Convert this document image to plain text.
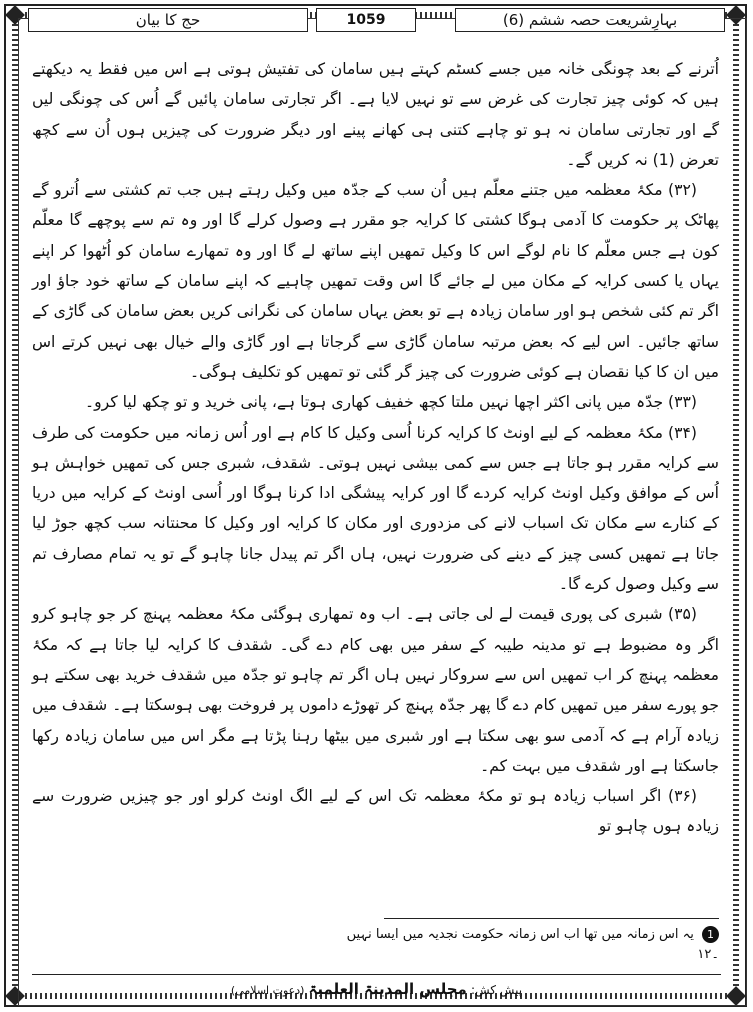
بہارِشریعت حصہ ششم (6)
1059
حج کا بیان

اُترنے کے بعد چونگی خانہ میں جسے کسٹم کہتے ہیں سامان کی تفتیش ہوتی ہے اس میں فقط یہ دیکھتے ہیں کہ کوئی چیز تجارت کی غرض سے تو نہیں لایا ہے۔ اگر تجارتی سامان پائیں گے اُس کی چونگی لیں گے اور تجارتی سامان نہ ہو تو چاہے کتنی ہی کھانے پینے اور دیگر ضرورت کی چیزیں ہوں اُن سے کچھ تعرض (1) نہ کریں گے۔

(۳۲) مکۂ معظمہ میں جتنے معلّم ہیں اُن سب کے جدّہ میں وکیل رہتے ہیں جب تم کشتی سے اُترو گے پھاٹک پر حکومت کا آدمی ہوگا کشتی کا کرایہ جو مقرر ہے وصول کرلے گا اور وہ تم سے پوچھے گا معلّم کون ہے جس معلّم کا نام لوگے اس کا وکیل تمھیں اپنے ساتھ لے گا اور وہ تمھارے سامان کو اُٹھوا کر اپنے یہاں یا کسی کرایہ کے مکان میں لے جائے گا اس وقت تمھیں چاہیے کہ اپنے سامان کے ساتھ خود جاؤ اور اگر تم کئی شخص ہو اور سامان زیادہ ہے تو بعض یہاں سامان کی نگرانی کریں بعض سامان کی گاڑی کے ساتھ جائیں۔ اس لیے کہ بعض مرتبہ سامان گاڑی سے گرجاتا ہے اور گاڑی والے خیال بھی نہیں کرتے اس میں ان کا کیا نقصان ہے کوئی ضرورت کی چیز گر گئی تو تمھیں کو تکلیف ہوگی۔

(۳۳) جدّہ میں پانی اکثر اچھا نہیں ملتا کچھ خفیف کھاری ہوتا ہے، پانی خرید و تو چکھ لیا کرو۔

(۳۴) مکۂ معظمہ کے لیے اونٹ کا کرایہ کرنا اُسی وکیل کا کام ہے اور اُس زمانہ میں حکومت کی طرف سے کرایہ مقرر ہو جاتا ہے جس سے کمی بیشی نہیں ہوتی۔ شقدف، شبری جس کی تمھیں خواہش ہو اُس کے موافق وکیل اونٹ کرایہ کردے گا اور کرایہ پیشگی ادا کرنا ہوگا اور اُسی اونٹ کے کرایہ میں دریا کے کنارے سے مکان تک اسباب لانے کی مزدوری اور مکان کا کرایہ اور وکیل کا محنتانہ سب کچھ جوڑ لیا جاتا ہے تمھیں کسی چیز کے دینے کی ضرورت نہیں، ہاں اگر تم پیدل جانا چاہو گے تو یہ تمام مصارف تم سے وکیل وصول کرے گا۔

(۳۵) شبری کی پوری قیمت لے لی جاتی ہے۔ اب وہ تمھاری ہوگئی مکۂ معظمہ پہنچ کر جو چاہو کرو اگر وہ مضبوط ہے تو مدینہ طیبہ کے سفر میں بھی کام دے گی۔ شقدف کا کرایہ لیا جاتا ہے کہ مکۂ معظمہ پہنچ کر اب تمھیں اس سے سروکار نہیں ہاں اگر تم چاہو تو جدّہ میں شقدف خرید بھی سکتے ہو جو پورے سفر میں تمھیں کام دے گا پھر جدّہ پہنچ کر تھوڑے داموں پر فروخت بھی ہوسکتا ہے۔ شقدف میں زیادہ آرام ہے کہ آدمی سو بھی سکتا ہے اور شبری میں بیٹھا رہنا پڑتا ہے مگر اس میں سامان زیادہ رکھا جاسکتا ہے اور شقدف میں بہت کم۔

(۳۶) اگر اسباب زیادہ ہو تو مکۂ معظمہ تک اس کے لیے الگ اونٹ کرلو اور جو چیزیں ضرورت سے زیادہ ہوں چاہو تو

1 یہ اس زمانہ میں تھا اب اس زمانہ حکومت نجدیہ میں ایسا نہیں ۔۱۲
پیش کش: مجلس المدینۃ العلمیۃ (دعوتِ اسلامی)
